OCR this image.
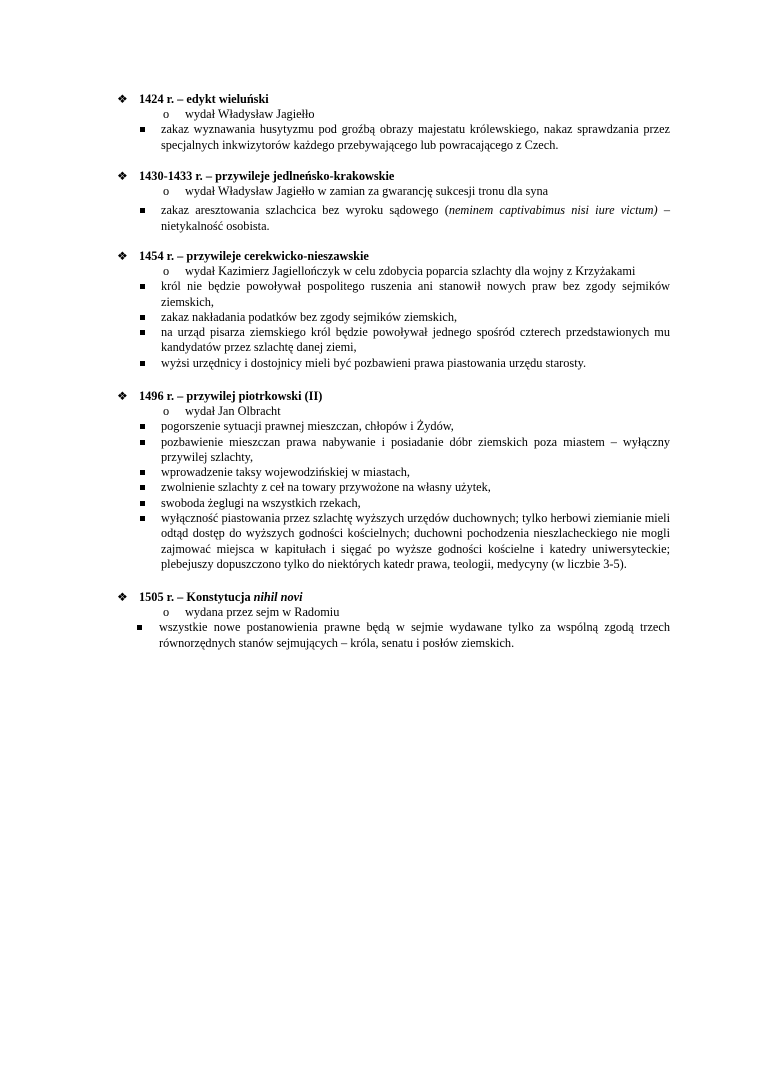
❖ 1424 r. – edykt wieluński
o wydał Władysław Jagiełło
zakaz wyznawania husytyzmu pod groźbą obrazy majestatu królewskiego, nakaz sprawdzania przez specjalnych inkwizytorów każdego przebywającego lub powracającego z Czech.
❖ 1430-1433 r. – przywileje jedlneńsko-krakowskie
o wydał Władysław Jagiełło w zamian za gwarancję sukcesji tronu dla syna
zakaz aresztowania szlachcica bez wyroku sądowego (neminem captivabimus nisi iure victum) – nietykalność osobista.
❖ 1454 r. – przywileje cerekwicko-nieszawskie
o wydał Kazimierz Jagiellończyk w celu zdobycia poparcia szlachty dla wojny z Krzyżakami
król nie będzie powoływał pospolitego ruszenia ani stanowił nowych praw bez zgody sejmików ziemskich,
zakaz nakładania podatków bez zgody sejmików ziemskich,
na urząd pisarza ziemskiego król będzie powoływał jednego spośród czterech przedstawionych mu kandydatów przez szlachtę danej ziemi,
wyżsi urzędnicy i dostojnicy mieli być pozbawieni prawa piastowania urzędu starosty.
❖ 1496 r. – przywilej piotrkowski (II)
o wydał Jan Olbracht
pogorszenie sytuacji prawnej mieszczan, chłopów i Żydów,
pozbawienie mieszczan prawa nabywanie i posiadanie dóbr ziemskich poza miastem – wyłączny przywilej szlachty,
wprowadzenie taksy wojewodzińskiej w miastach,
zwolnienie szlachty z ceł na towary przywożone na własny użytek,
swoboda żeglugi na wszystkich rzekach,
wyłączność piastowania przez szlachtę wyższych urzędów duchownych; tylko herbowi ziemianie mieli odtąd dostęp do wyższych godności kościelnych; duchowni pochodzenia nieszlacheckiego nie mogli zajmować miejsca w kapitułach i sięgać po wyższe godności kościelne i katedry uniwersyteckie; plebejuszy dopuszczono tylko do niektórych katedr prawa, teologii, medycyny (w liczbie 3-5).
❖ 1505 r. – Konstytucja nihil novi
o wydana przez sejm w Radomiu
wszystkie nowe postanowienia prawne będą w sejmie wydawane tylko za wspólną zgodą trzech równorzędnych stanów sejmujących – króla, senatu i posłów ziemskich.
